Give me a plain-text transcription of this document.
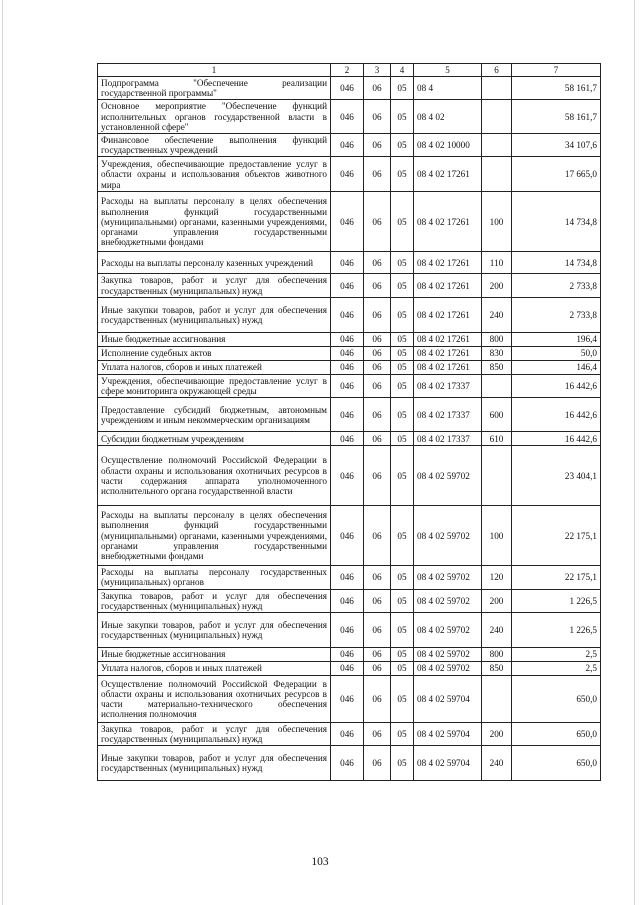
1	2	3	4	5	6	7
Подпрограмма "Обеспечение реализации государственной программы"	046	06	05	08 4		58 161,7
Основное мероприятие "Обеспечение функций исполнительных органов государственной власти в установленной сфере"	046	06	05	08 4 02		58 161,7
Финансовое обеспечение выполнения функций государственных учреждений	046	06	05	08 4 02 10000		34 107,6
Учреждения, обеспечивающие предоставление услуг в области охраны и использования объектов животного мира	046	06	05	08 4 02 17261		17 665,0
Расходы на выплаты персоналу в целях обеспечения выполнения функций государственными (муниципальными) органами, казенными учреждениями, органами управления государственными внебюджетными фондами	046	06	05	08 4 02 17261	100	14 734,8
Расходы на выплаты персоналу казенных учреждений	046	06	05	08 4 02 17261	110	14 734,8
Закупка товаров, работ и услуг для обеспечения государственных (муниципальных) нужд	046	06	05	08 4 02 17261	200	2 733,8
Иные закупки товаров, работ и услуг для обеспечения государственных (муниципальных) нужд	046	06	05	08 4 02 17261	240	2 733,8
Иные бюджетные ассигнования	046	06	05	08 4 02 17261	800	196,4
Исполнение судебных актов	046	06	05	08 4 02 17261	830	50,0
Уплата налогов, сборов и иных платежей	046	06	05	08 4 02 17261	850	146,4
Учреждения, обеспечивающие предоставление услуг в сфере мониторинга окружающей среды	046	06	05	08 4 02 17337		16 442,6
Предоставление субсидий бюджетным, автономным учреждениям и иным некоммерческим организациям	046	06	05	08 4 02 17337	600	16 442,6
Субсидии бюджетным учреждениям	046	06	05	08 4 02 17337	610	16 442,6
Осуществление полномочий Российской Федерации в области охраны и использования охотничьих ресурсов в части содержания аппарата уполномоченного исполнительного органа государственной власти	046	06	05	08 4 02 59702		23 404,1
Расходы на выплаты персоналу в целях обеспечения выполнения функций государственными (муниципальными) органами, казенными учреждениями, органами управления государственными внебюджетными фондами	046	06	05	08 4 02 59702	100	22 175,1
Расходы на выплаты персоналу государственных (муниципальных) органов	046	06	05	08 4 02 59702	120	22 175,1
Закупка товаров, работ и услуг для обеспечения государственных (муниципальных) нужд	046	06	05	08 4 02 59702	200	1 226,5
Иные закупки товаров, работ и услуг для обеспечения государственных (муниципальных) нужд	046	06	05	08 4 02 59702	240	1 226,5
Иные бюджетные ассигнования	046	06	05	08 4 02 59702	800	2,5
Уплата налогов, сборов и иных платежей	046	06	05	08 4 02 59702	850	2,5
Осуществление полномочий Российской Федерации в области охраны и использования охотничьих ресурсов в части материально-технического обеспечения исполнения полномочия	046	06	05	08 4 02 59704		650,0
Закупка товаров, работ и услуг для обеспечения государственных (муниципальных) нужд	046	06	05	08 4 02 59704	200	650,0
Иные закупки товаров, работ и услуг для обеспечения государственных (муниципальных) нужд	046	06	05	08 4 02 59704	240	650,0
103
